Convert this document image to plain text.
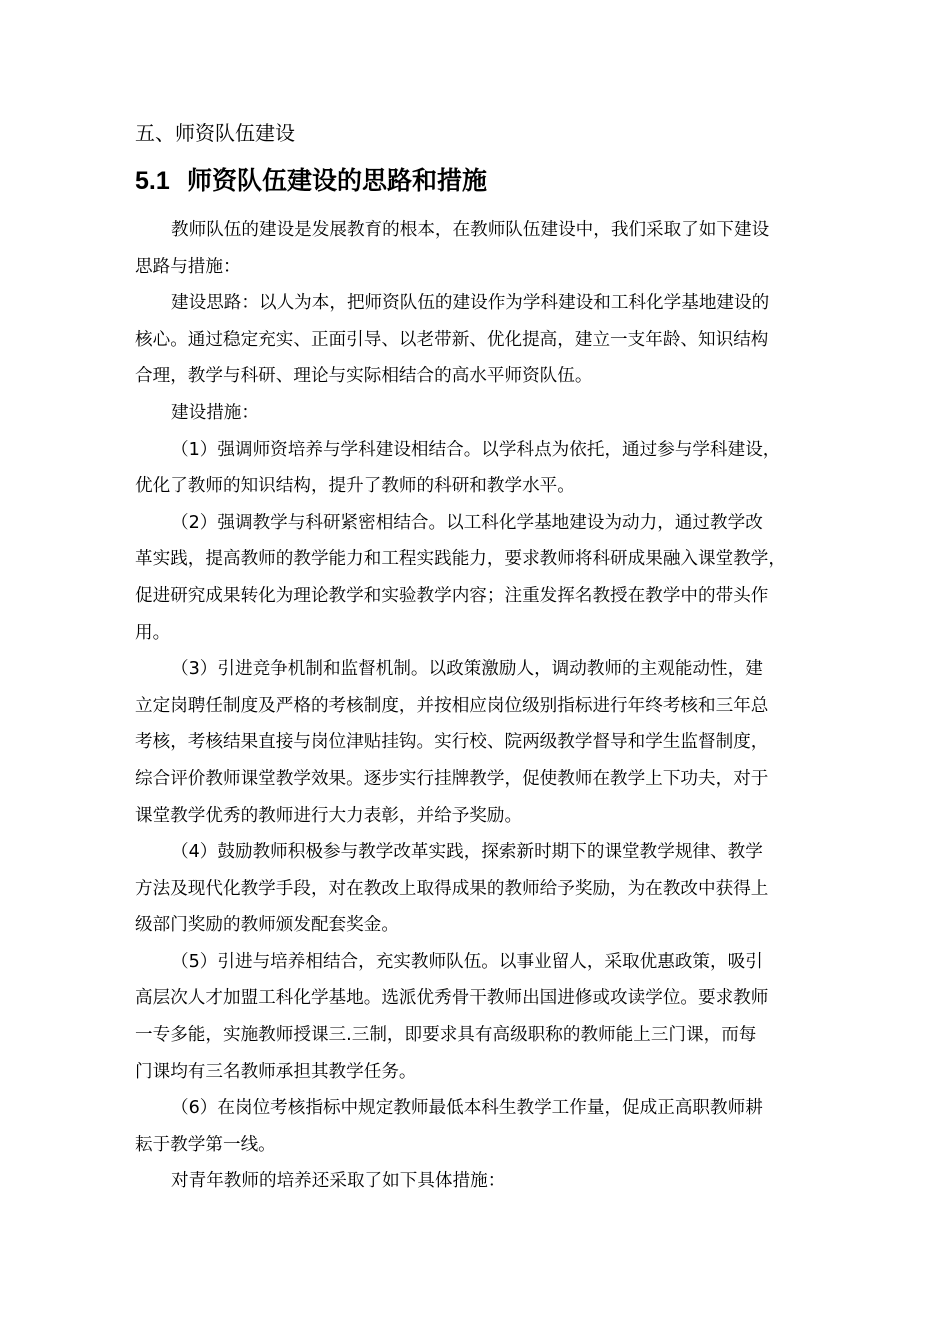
五、师资队伍建设
5.1 师资队伍建设的思路和措施
教师队伍的建设是发展教育的根本，在教师队伍建设中，我们采取了如下建设
思路与措施：
建设思路：以人为本，把师资队伍的建设作为学科建设和工科化学基地建设的
核心。通过稳定充实、正面引导、以老带新、优化提高，建立一支年龄、知识结构
合理，教学与科研、理论与实际相结合的高水平师资队伍。
建设措施：
（1）强调师资培养与学科建设相结合。以学科点为依托，通过参与学科建设，
优化了教师的知识结构，提升了教师的科研和教学水平。
（2）强调教学与科研紧密相结合。以工科化学基地建设为动力，通过教学改
革实践，提高教师的教学能力和工程实践能力，要求教师将科研成果融入课堂教学，
促进研究成果转化为理论教学和实验教学内容；注重发挥名教授在教学中的带头作
用。
（3）引进竞争机制和监督机制。以政策激励人，调动教师的主观能动性，建
立定岗聘任制度及严格的考核制度，并按相应岗位级别指标进行年终考核和三年总
考核，考核结果直接与岗位津贴挂钩。实行校、院两级教学督导和学生监督制度，
综合评价教师课堂教学效果。逐步实行挂牌教学，促使教师在教学上下功夫，对于
课堂教学优秀的教师进行大力表彰，并给予奖励。
（4）鼓励教师积极参与教学改革实践，探索新时期下的课堂教学规律、教学
方法及现代化教学手段，对在教改上取得成果的教师给予奖励，为在教改中获得上
级部门奖励的教师颁发配套奖金。
（5）引进与培养相结合，充实教师队伍。以事业留人，采取优惠政策，吸引
高层次人才加盟工科化学基地。选派优秀骨干教师出国进修或攻读学位。要求教师
一专多能，实施教师授课三.三制，即要求具有高级职称的教师能上三门课，而每
门课均有三名教师承担其教学任务。
（6）在岗位考核指标中规定教师最低本科生教学工作量，促成正高职教师耕
耘于教学第一线。
对青年教师的培养还采取了如下具体措施：
